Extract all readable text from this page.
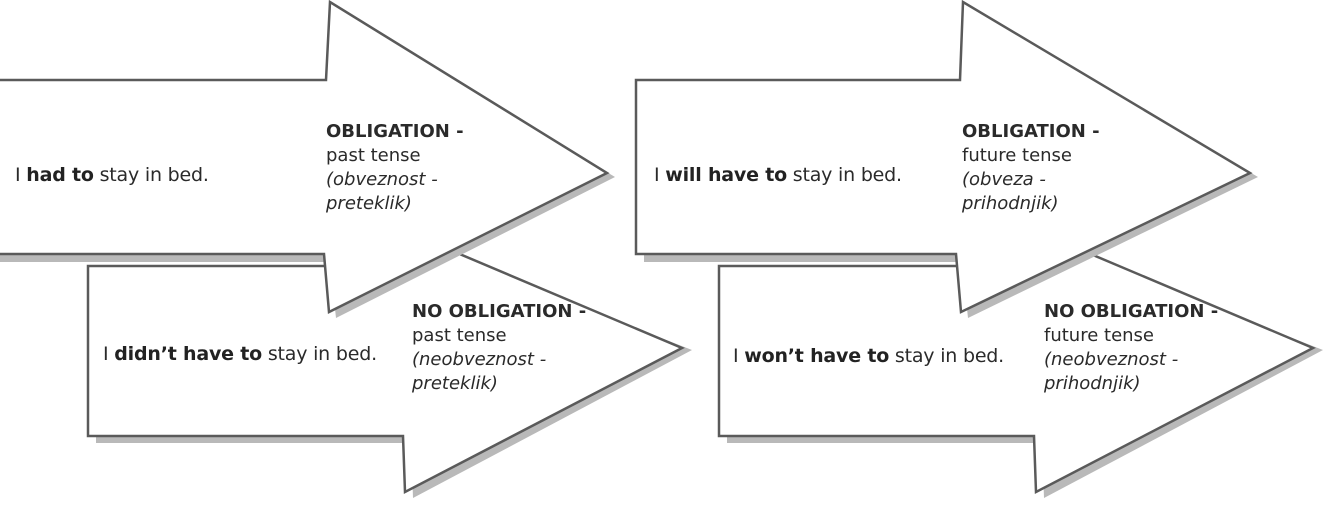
I had to stay in bed.
OBLIGATION -
past tense
(obveznost -
preteklik)
I didn’t have to stay in bed.
NO OBLIGATION -
past tense
(neobveznost -
preteklik)
I will have to stay in bed.
OBLIGATION -
future tense
(obveza -
prihodnjik)
I won’t have to stay in bed.
NO OBLIGATION -
future tense
(neobveznost -
prihodnjik)
